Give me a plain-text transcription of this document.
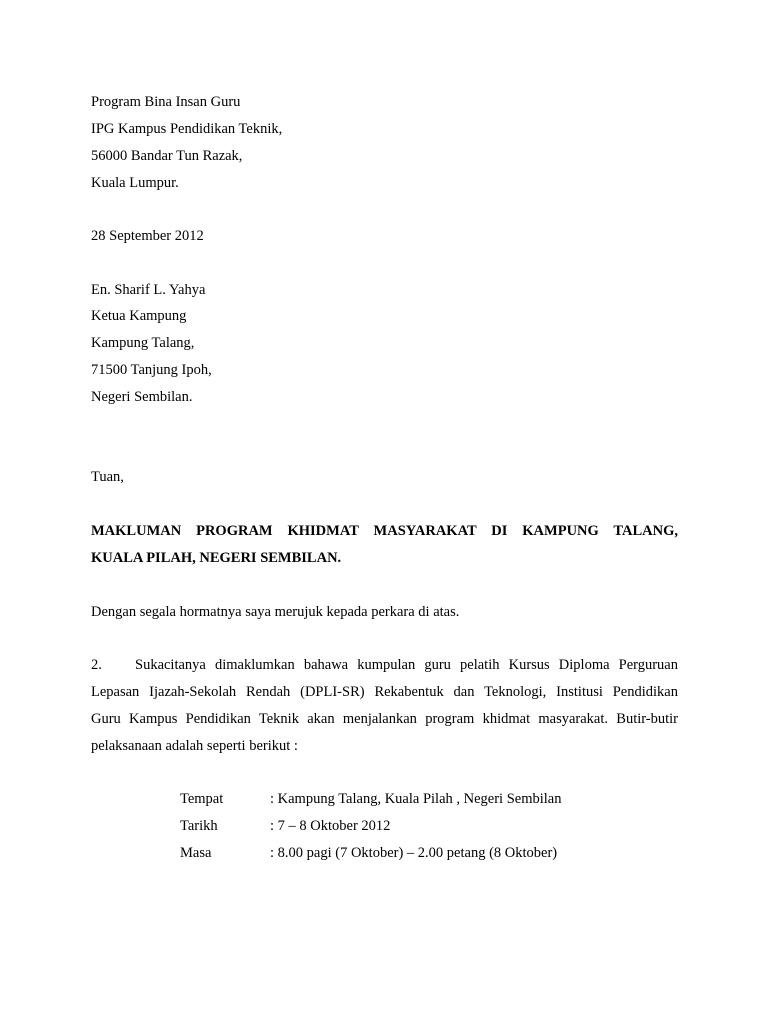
Program Bina Insan Guru
IPG Kampus Pendidikan Teknik,
56000 Bandar Tun Razak,
Kuala Lumpur.
28 September 2012
En. Sharif L. Yahya
Ketua Kampung
Kampung Talang,
71500 Tanjung Ipoh,
Negeri Sembilan.
Tuan,
MAKLUMAN PROGRAM KHIDMAT MASYARAKAT DI KAMPUNG TALANG,
KUALA PILAH, NEGERI SEMBILAN.
Dengan segala hormatnya saya merujuk kepada perkara di atas.
2. Sukacitanya dimaklumkan bahawa kumpulan guru pelatih Kursus Diploma Perguruan
Lepasan Ijazah-Sekolah Rendah (DPLI-SR) Rekabentuk dan Teknologi, Institusi Pendidikan
Guru Kampus Pendidikan Teknik akan menjalankan program khidmat masyarakat. Butir-butir
pelaksanaan adalah seperti berikut :
Tempat	: Kampung Talang, Kuala Pilah , Negeri Sembilan
Tarikh	: 7 – 8 Oktober 2012
Masa	: 8.00 pagi (7 Oktober) – 2.00 petang (8 Oktober)
